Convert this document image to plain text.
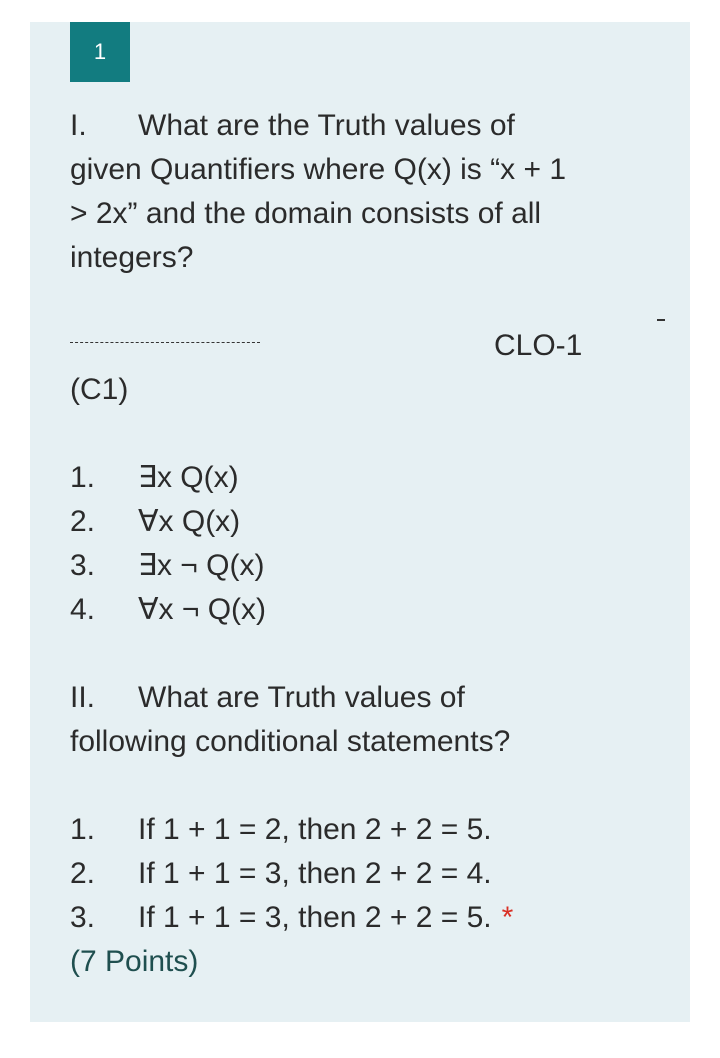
1
I. What are the Truth values of
given Quantifiers where Q(x) is “x + 1
> 2x” and the domain consists of all
integers?
CLO-1
(C1)
1. ∃x Q(x)
2. ∀x Q(x)
3. ∃x ¬ Q(x)
4. ∀x ¬ Q(x)
II. What are Truth values of
following conditional statements?
1. If 1 + 1 = 2, then 2 + 2 = 5.
2. If 1 + 1 = 3, then 2 + 2 = 4.
3. If 1 + 1 = 3, then 2 + 2 = 5. *
(7 Points)
